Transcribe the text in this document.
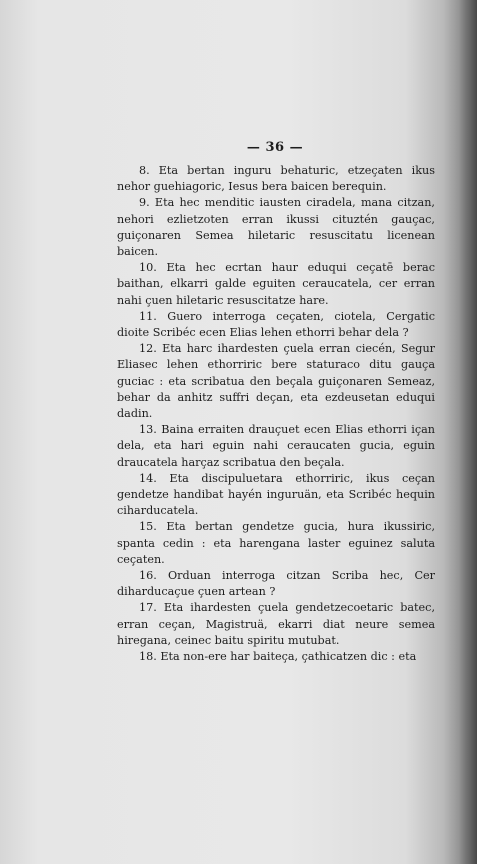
— 36 —

8. Eta bertan inguru behaturic, etzeçaten ikus nehor guehiagoric, Iesus bera baicen berequin.

9. Eta hec menditic iausten ciradela, mana citzan, nehori ezlietzoten erran ikussi cituztén gauçac, guiçonaren Semea hiletaric resuscitatu licenean baicen.

10. Eta hec ecrtan haur eduqui ceçatē berac baithan, elkarri galde eguiten ceraucatela, cer erran nahi çuen hiletaric resuscitatze hare.

11. Guero interroga ceçaten, ciotela, Cergatic dioite Scribéc ecen Elias lehen ethorri behar dela ?

12. Eta harc ihardesten çuela erran ciecén, Segur Eliasec lehen ethorriric bere staturaco ditu gauça guciac : eta scribatua den beçala guiçonaren Semeaz, behar da anhitz suffri deçan, eta ezdeusetan eduqui dadin.

13. Baina erraiten drauçuet ecen Elias ethorri içan dela, eta hari eguin nahi ceraucaten gucia, eguin draucatela harçaz scribatua den beçala.

14. Eta discipuluetara ethorriric, ikus ceçan gendetze handibat hayén inguruän, eta Scribéc hequin ciharducatela.

15. Eta bertan gendetze gucia, hura ikussiric, spanta cedin : eta harengana laster eguinez saluta ceçaten.

16. Orduan interroga citzan Scriba hec, Cer diharducaçue çuen artean ?

17. Eta ihardesten çuela gendetzecoetaric batec, erran ceçan, Magistruä, ekarri diat neure semea hiregana, ceinec baitu spiritu mutubat.

18. Eta non-ere har baiteça, çathicatzen dic : eta
